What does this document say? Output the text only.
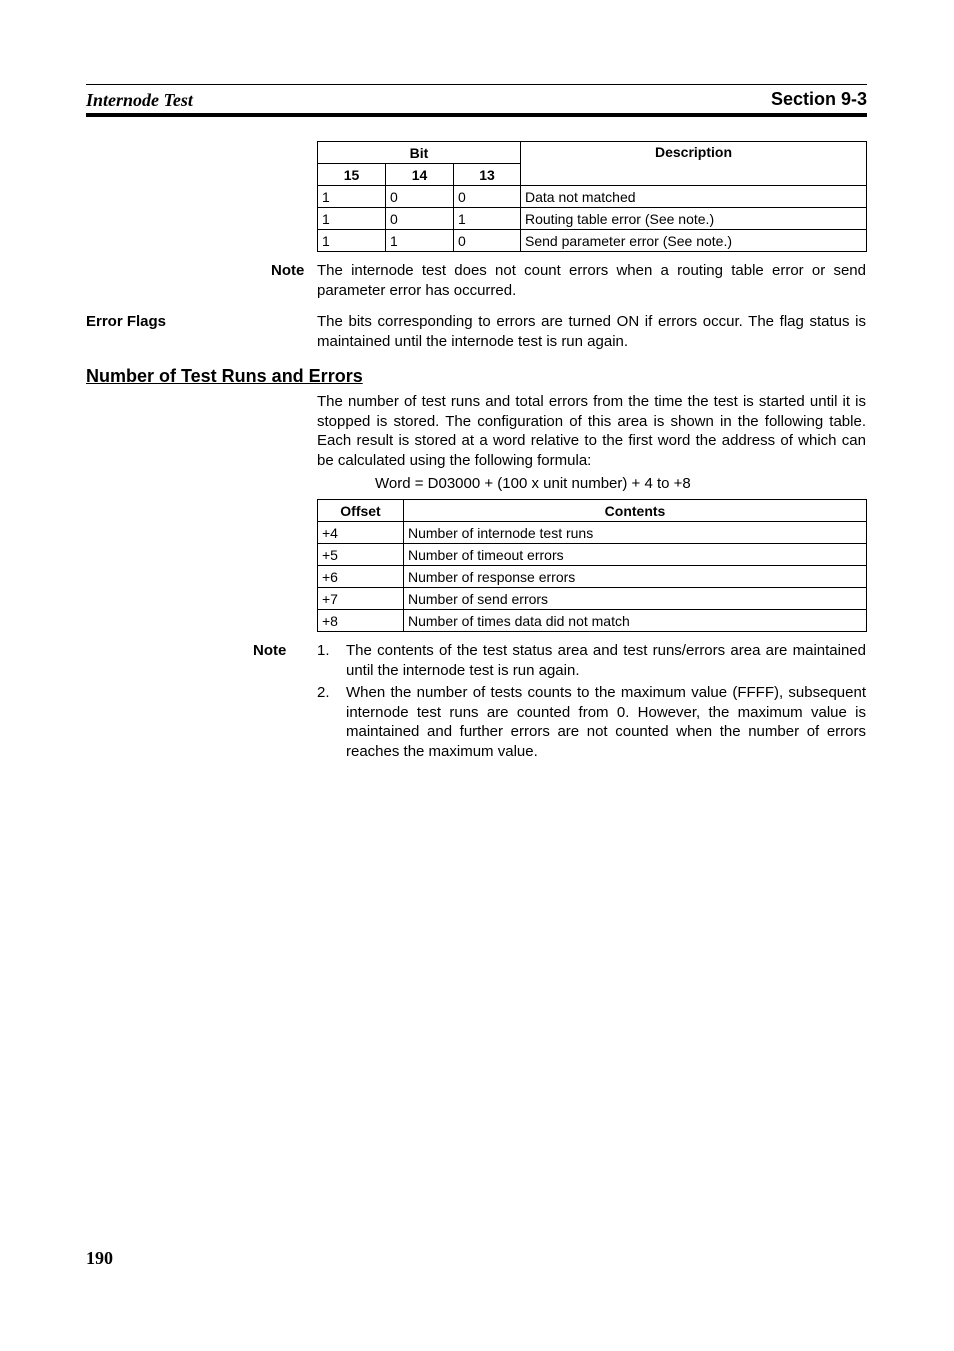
Internode Test	Section 9-3
Bit			Description
15	14	13	
1	0	0	Data not matched
1	0	1	Routing table error (See note.)
1	1	0	Send parameter error (See note.)
Note The internode test does not count errors when a routing table error or send parameter error has occurred.
Error Flags	The bits corresponding to errors are turned ON if errors occur. The flag status is maintained until the internode test is run again.
Number of Test Runs and Errors
The number of test runs and total errors from the time the test is started until it is stopped is stored. The configuration of this area is shown in the following table. Each result is stored at a word relative to the first word the address of which can be calculated using the following formula:
Word = D03000 + (100 x unit number) + 4 to +8
Offset	Contents
+4	Number of internode test runs
+5	Number of timeout errors
+6	Number of response errors
+7	Number of send errors
+8	Number of times data did not match
Note 1. The contents of the test status area and test runs/errors area are maintained until the internode test is run again.
2. When the number of tests counts to the maximum value (FFFF), subsequent internode test runs are counted from 0. However, the maximum value is maintained and further errors are not counted when the number of errors reaches the maximum value.
190
